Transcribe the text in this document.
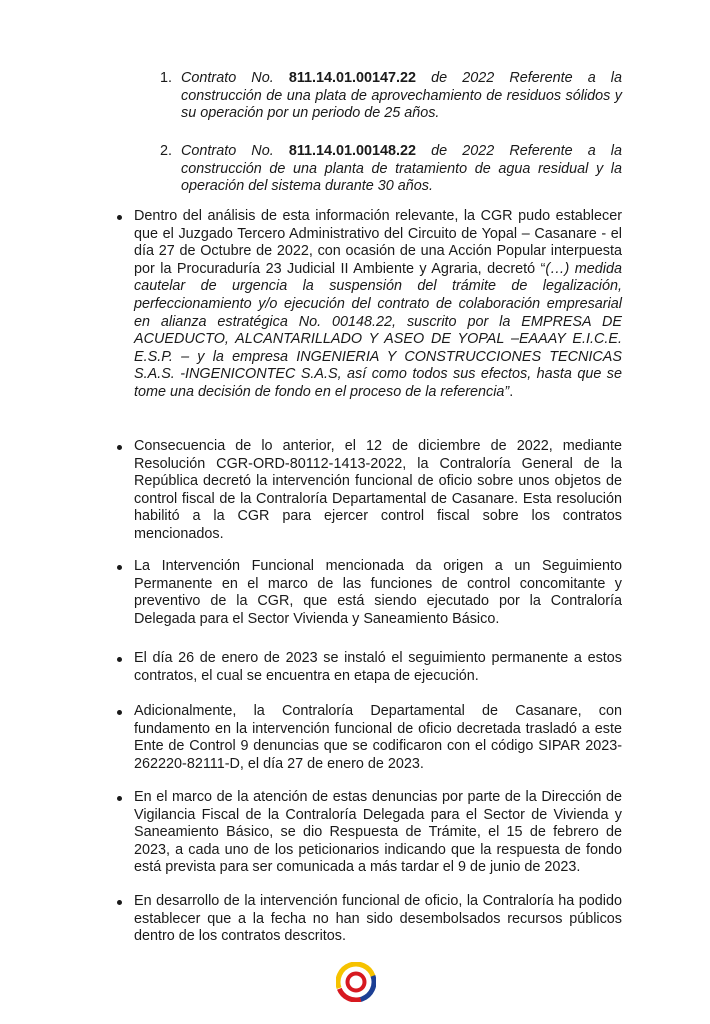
1. Contrato No. 811.14.01.00147.22 de 2022 Referente a la construcción de una plata de aprovechamiento de residuos sólidos y su operación por un periodo de 25 años.
2. Contrato No. 811.14.01.00148.22 de 2022 Referente a la construcción de una planta de tratamiento de agua residual y la operación del sistema durante 30 años.
Dentro del análisis de esta información relevante, la CGR pudo establecer que el Juzgado Tercero Administrativo del Circuito de Yopal – Casanare - el día 27 de Octubre de 2022, con ocasión de una Acción Popular interpuesta por la Procuraduría 23 Judicial II Ambiente y Agraria, decretó “(…) medida cautelar de urgencia la suspensión del trámite de legalización, perfeccionamiento y/o ejecución del contrato de colaboración empresarial en alianza estratégica No. 00148.22, suscrito por la EMPRESA DE ACUEDUCTO, ALCANTARILLADO Y ASEO DE YOPAL –EAAAY E.I.C.E. E.S.P. – y la empresa INGENIERIA Y CONSTRUCCIONES TECNICAS S.A.S. -INGENICONTEC S.A.S, así como todos sus efectos, hasta que se tome una decisión de fondo en el proceso de la referencia”.
Consecuencia de lo anterior, el 12 de diciembre de 2022, mediante Resolución CGR-ORD-80112-1413-2022, la Contraloría General de la República decretó la intervención funcional de oficio sobre unos objetos de control fiscal de la Contraloría Departamental de Casanare. Esta resolución habilitó a la CGR para ejercer control fiscal sobre los contratos mencionados.
La Intervención Funcional mencionada da origen a un Seguimiento Permanente en el marco de las funciones de control concomitante y preventivo de la CGR, que está siendo ejecutado por la Contraloría Delegada para el Sector Vivienda y Saneamiento Básico.
El día 26 de enero de 2023 se instaló el seguimiento permanente a estos contratos, el cual se encuentra en etapa de ejecución.
Adicionalmente, la Contraloría Departamental de Casanare, con fundamento en la intervención funcional de oficio decretada trasladó a este Ente de Control 9 denuncias que se codificaron con el código SIPAR 2023-262220-82111-D, el día 27 de enero de 2023.
En el marco de la atención de estas denuncias por parte de la Dirección de Vigilancia Fiscal de la Contraloría Delegada para el Sector de Vivienda y Saneamiento Básico, se dio Respuesta de Trámite, el 15 de febrero de 2023, a cada uno de los peticionarios indicando que la respuesta de fondo está prevista para ser comunicada a más tardar el 9 de junio de 2023.
En desarrollo de la intervención funcional de oficio, la Contraloría ha podido establecer que a la fecha no han sido desembolsados recursos públicos dentro de los contratos descritos.
